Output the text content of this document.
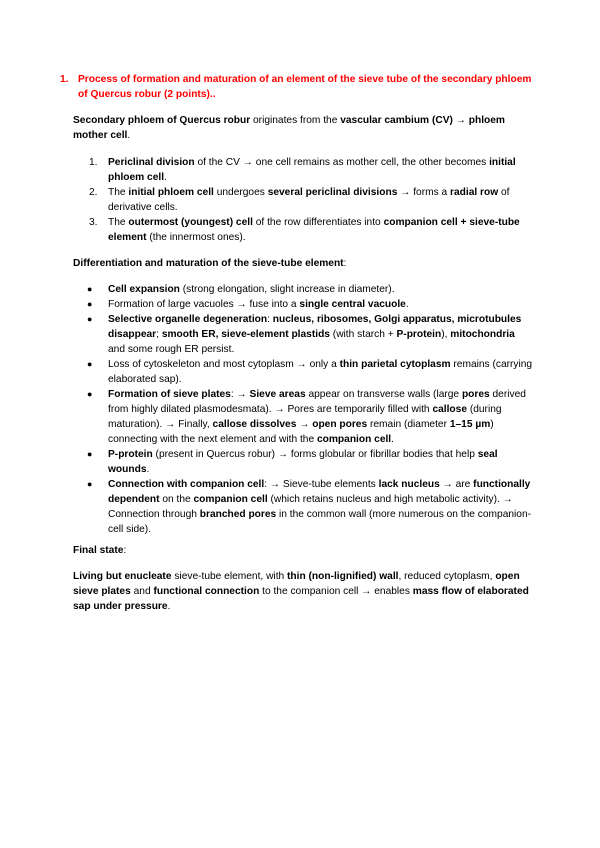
1. Process of formation and maturation of an element of the sieve tube of the secondary phloem of Quercus robur (2 points)..

Secondary phloem of Quercus robur originates from the vascular cambium (CV) → phloem mother cell.

1.	Periclinal division of the CV → one cell remains as mother cell, the other becomes initial phloem cell.
2.	The initial phloem cell undergoes several periclinal divisions → forms a radial row of derivative cells.
3.	The outermost (youngest) cell of the row differentiates into companion cell + sieve-tube element (the innermost ones).

Differentiation and maturation of the sieve-tube element:

●	Cell expansion (strong elongation, slight increase in diameter).
●	Formation of large vacuoles → fuse into a single central vacuole.
●	Selective organelle degeneration: nucleus, ribosomes, Golgi apparatus, microtubules disappear; smooth ER, sieve-element plastids (with starch + P-protein), mitochondria and some rough ER persist.
●	Loss of cytoskeleton and most cytoplasm → only a thin parietal cytoplasm remains (carrying elaborated sap).
●	Formation of sieve plates: → Sieve areas appear on transverse walls (large pores derived from highly dilated plasmodesmata). → Pores are temporarily filled with callose (during maturation). → Finally, callose dissolves → open pores remain (diameter 1–15 µm) connecting with the next element and with the companion cell.
●	P-protein (present in Quercus robur) → forms globular or fibrillar bodies that help seal wounds.
●	Connection with companion cell: → Sieve-tube elements lack nucleus → are functionally dependent on the companion cell (which retains nucleus and high metabolic activity). → Connection through branched pores in the common wall (more numerous on the companion-cell side).

Final state:

Living but enucleate sieve-tube element, with thin (non-lignified) wall, reduced cytoplasm, open sieve plates and functional connection to the companion cell → enables mass flow of elaborated sap under pressure.
